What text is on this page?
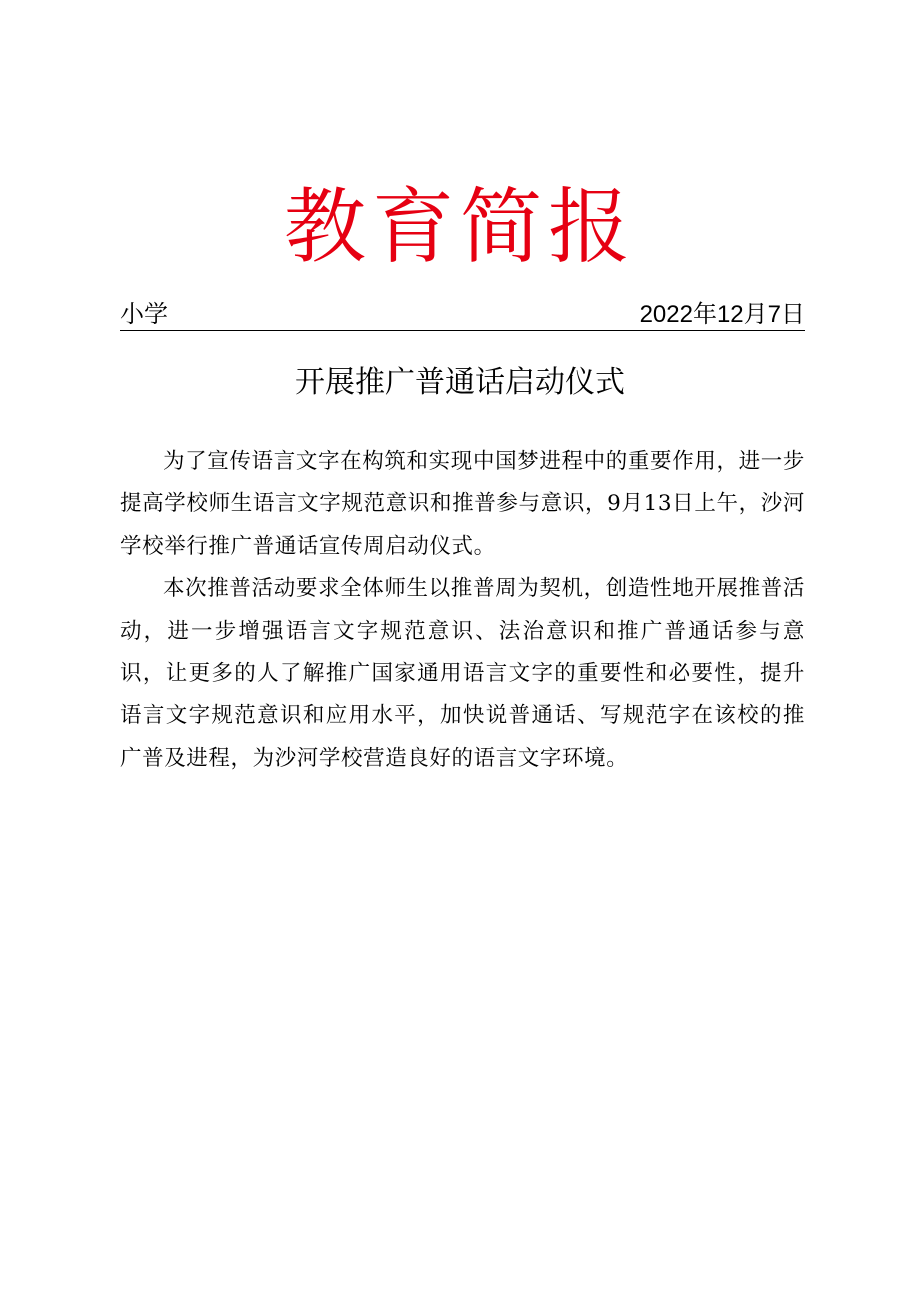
教育简报
小学	2022年12月7日
开展推广普通话启动仪式

为了宣传语言文字在构筑和实现中国梦进程中的重要作用，进一步提高学校师生语言文字规范意识和推普参与意识，9月13日上午，沙河学校举行推广普通话宣传周启动仪式。

本次推普活动要求全体师生以推普周为契机，创造性地开展推普活动，进一步增强语言文字规范意识、法治意识和推广普通话参与意识，让更多的人了解推广国家通用语言文字的重要性和必要性，提升语言文字规范意识和应用水平，加快说普通话、写规范字在该校的推广普及进程，为沙河学校营造良好的语言文字环境。
